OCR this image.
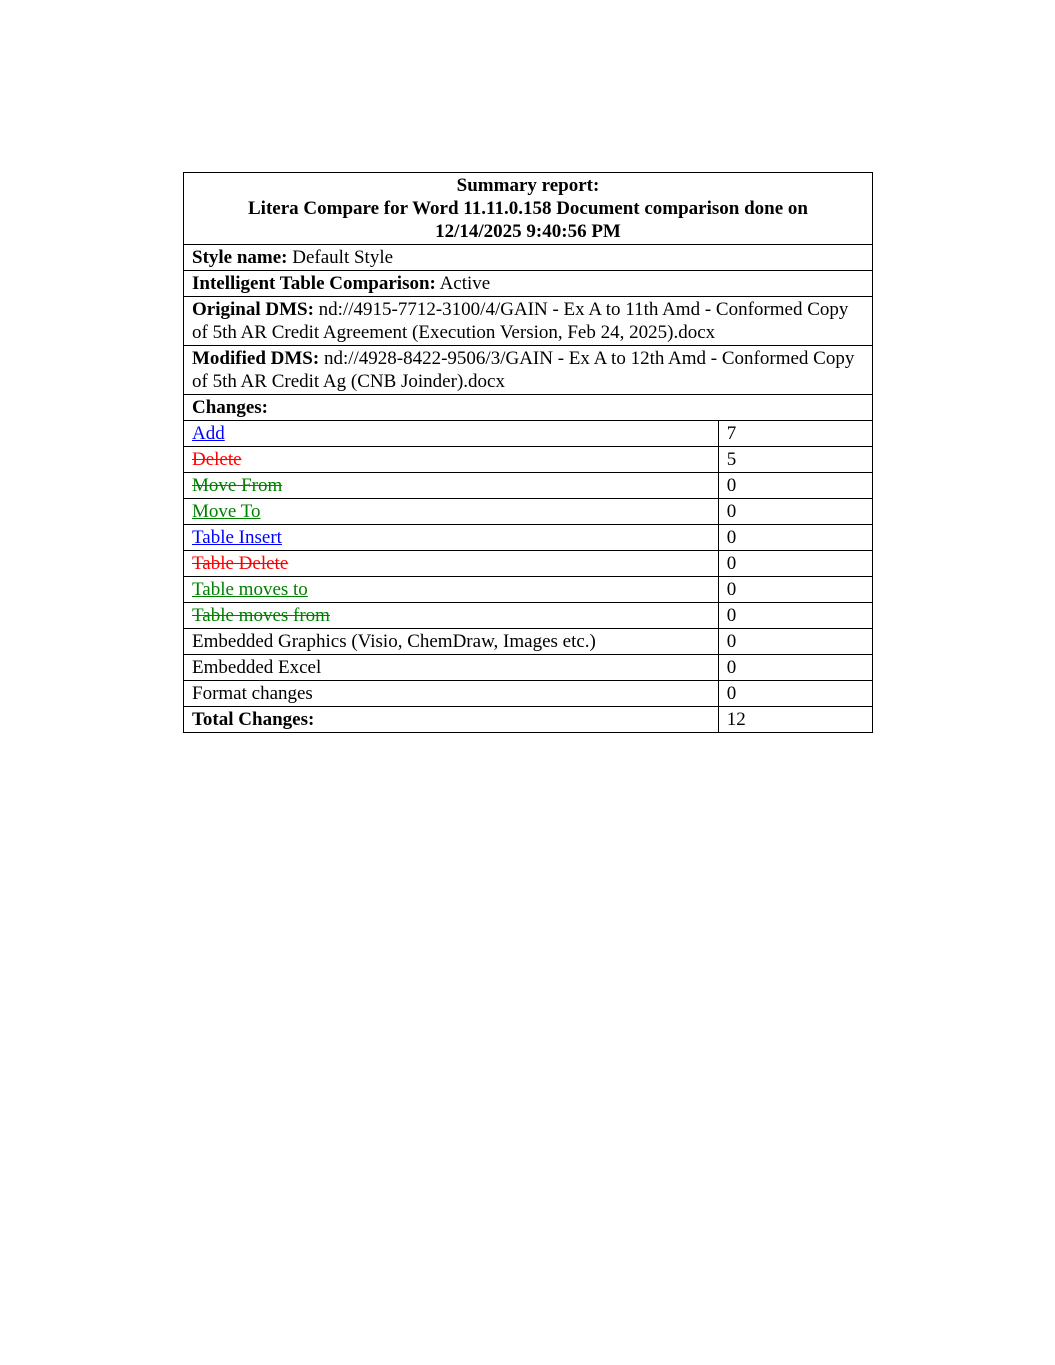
Summary report:
Litera Compare for Word 11.11.0.158 Document comparison done on
12/14/2025 9:40:56 PM	

Style name: Default Style	
Intelligent Table Comparison: Active	
Original DMS: nd://4915-7712-3100/4/GAIN - Ex A to 11th Amd - Conformed Copy of 5th AR Credit Agreement (Execution Version, Feb 24, 2025).docx	
Modified DMS: nd://4928-8422-9506/3/GAIN - Ex A to 12th Amd - Conformed Copy of 5th AR Credit Ag (CNB Joinder).docx	
Changes:	
Add	7
Delete	5
Move From	0
Move To	0
Table Insert	0
Table Delete	0
Table moves to	0
Table moves from	0
Embedded Graphics (Visio, ChemDraw, Images etc.)	0
Embedded Excel	0
Format changes	0
Total Changes:	12
